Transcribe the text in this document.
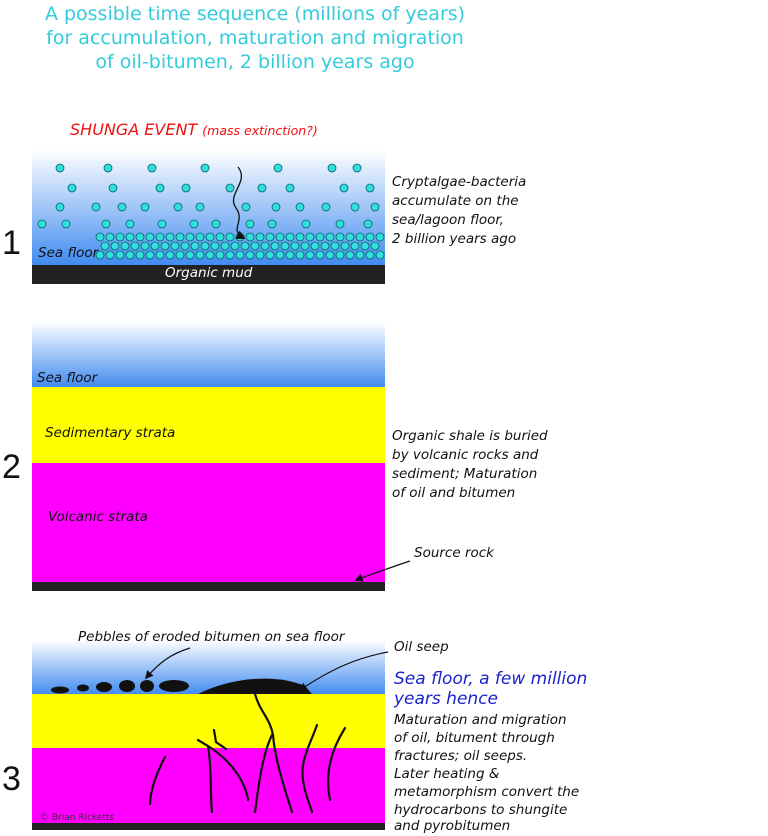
A possible time sequence (millions of years)

for accumulation, maturation and migration

of oil-bitumen, 2 billion years ago

SHUNGA EVENT (mass extinction?)

1 Sea floor

Organic mud

Cryptalgae-bacteria

accumulate on the

sea/lagoon floor,

2 billion years ago

2

Sea floor

Sedimentary strata

Volcanic strata

Source rock

Organic shale is buried

by volcanic rocks and

sediment; Maturation

of oil and bitumen

3

Pebbles of eroded bitumen on sea floor

Oil seep

Sea floor, a few million

years hence

Maturation and migration

of oil, bitument through

fractures; oil seeps.

Later heating &

metamorphism convert the

hydrocarbons to shungite

and pyrobitumen

© Brian Ricketts
